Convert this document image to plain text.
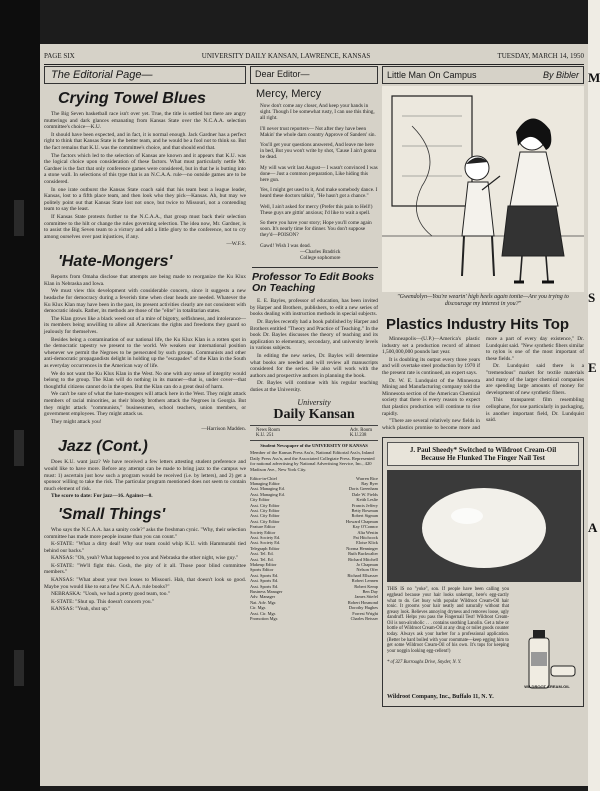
M
S
E
A
PAGE SIX	UNIVERSITY DAILY KANSAN, LAWRENCE, KANSAS	TUESDAY, MARCH 14, 1950
The Editorial Page—
Crying Towel Blues

The Big Seven basketball race isn't over yet. True, the title is settled but there are angry mutterings and dark glances emanating from Kansas State over the N.C.A.A. selection committee's choice—K.U.

It should have been expected, and in fact, it is normal enough. Jack Gardner has a perfect right to think that Kansas State is the better team, and he would be a fool not to think so. But the fact remains that K.U. was the committee's choice, and that should end that.

The factors which led to the selection of Kansas are known and it appears that K.U. was the logical choice upon consideration of these factors. What must particularly nettle Mr. Gardner is the fact that only conference games were considered, but in that he is butting into a stone wall. In selections of this type that is an N.C.A.A. rule—no outside games are to be considered.

In one irate outburst the Kansas State coach said that his team beat a league leader, Kansas, lost to a fifth place team, and then look who they pick—Kansas. Ah, but may we politely point out that Kansas State lost not once, but twice to Missouri, not a contending team to say the least.

If Kansas State protests further to the N.C.A.A., that group must back their selection committee to the hilt or change the rules governing selection. The idea now, Mr. Gardner, is to assist the Big Seven team to a victory and add a little glory to the conference, not to cry among ourselves over past injustices, if any.

—W.F.S.
'Hate-Mongers'

Reports from Omaha disclose that attempts are being made to reorganize the Ku Klux Klan in Nebraska and Iowa.

We must view this development with considerable concern, since it suggests a new headache for democracy during a feverish time when clear heads are needed. Whatever the Ku Klux Klan may have been in the past, its present activities clearly are not consistent with democratic ideals. Rather, its methods are those of the "elite" in totalitarian states.

The Klan grows like a black weed out of a mire of bigotry, selfishness, and intolerance—its members being unwilling to allow all Americans the rights and freedoms they guard so jealously for themselves.

Besides being a contamination of our national life, the Ku Klux Klan is a rotten spot in the democratic tapestry we present to the world. We weaken our international position whenever we permit the Negroes to be persecuted by such groups. Communists and other anti-democratic propagandists delight in holding up the "escapades" of the Klan in the South as everyday occurrences in the American way of life.

We do not want the Ku Klux Klan in the West. No one with any sense of integrity would belong to the group. The Klan will do nothing in its manner—that is, under cover—that thoughtful citizens cannot do in the open. But the Klan can do a great deal of harm.

We can't be sure of what the hate-mongers will attack here in the West. They might attack members of racial minorities, as their bloody brothers attack the Negroes in Georgia. But they might attack "communists," businessmen, school teachers, union members, or government employees. They might attack us.

They might attack you!

—Harrison Madden.
Jazz (Cont.)

Does K.U. want jazz? We have received a few letters attesting student preference and would like to have more. Before any attempt can be made to bring jazz to the campus we must: 1) ascertain just how such a program would be received (i.e. by letters), and 2) get a sponsor willing to take the risk. The particular program mentioned does not seem to contain much element of risk.

The score to date: For jazz—16. Against—0.

'Small Things'

Who says the N.C.A.A. has a sanity code?" asks the freshman cynic. "Why, their selection committee has made more people insane than you can count."

K-STATE: "What a dirty deal! Why our team could whip K.U. with Hammurabi tied behind our backs."

KANSAS: "Oh, yeah? What happened to you and Nebraska the other night, wise guy."

K-STATE: "We'll fight this. Gosh, the pity of it all. Those poor blind committee members."

KANSAS: "What about your two losses to Missouri. Hah, that doesn't look so good. Maybe you would like to eat a few N.C.A.A. rule books?"

NEBRASKA: "Uouh, we had a pretty good team, too."

K-STATE: "Shut up. This doesn't concern you."

KANSAS: "Yeah, shut up."

Dear Editor—
Mercy, Mercy
Now don't come any closer, And keep your hands in sight. Though I be somewhat rusty, I can use this thing, all right.
I'll never trust reporters— Not after they have been Makin' the whole darn country Approve of Sanders' sin.
You'll get your questions answered, And leave me here in bed, But you won't write by shot, 'Cause I ain't gonna be dead.
My will was writ last August— I wasn't convinced I was done— Just a common preparation, Like hiding this here gun.
Yes, I might get used to it, And make somebody dance. I heard these doctors talkin', "He hasn't got a chance."
Well, I ain't asked for mercy (Prefer this pain to Hell!) These guys are gittin' anxious; I'd like to wait a spell.
So there you have your story; Hope you'll come again soon. It's nearly time for dinner. You don't suppose they'd—POISON?
Gawd! Wish I was dead.
—Charles Bradrick
College sophomore
Professor To Edit Books On Teaching

E. E. Bayles, professor of education, has been invited by Harper and Brothers, publishers, to edit a new series of books dealing with instruction methods in special subjects.

Dr. Bayles recently had a book published by Harper and Brothers entitled "Theory and Practice of Teaching." In the book Dr. Bayles discusses the theory of teaching and its application to elementary, secondary, and university levels in various subjects.

In editing the new series, Dr. Bayles will determine what books are needed and will review all manuscripts considered for the series. He also will work with the authors and prospective authors in planning the book.

Dr. Bayles will continue with his regular teaching duties at the University.

University
Daily Kansan
News Room
K.U. 251
Adv. Room
K.U.238
Student Newspaper of the UNIVERSITY OF KANSAS
Member of the Kansas Press Ass'n, National Editorial Ass'n, Inland Daily Press Ass'n, and the Associated Collegiate Press. Represented for national advertising by National Advertising Service, Inc., 420 Madison Ave., New York City.
Editor-in-Chief	Warren Rice
Managing Editor	Ray Byer
Asst. Managing Ed.	Doris Greenham
Asst. Managing Ed.	Dale W. Fields
City Editor	Keith Leslie
Asst. City Editor	Francis Jeffery
Asst. City Editor	Betty Bowman
Asst. City Editor	Robert Sigman
Asst. City Editor	Howard Chapman
Feature Editor	Kay O'Connor
Society Editor	Alta Westin
Asst. Society Ed.	Pat Hitchcock
Asst. Society Ed.	Eloise Klick
Telegraph Editor	Norma Henninger
Asst. Tel. Ed.	Ruth Buckwalter
Asst. Tel. Ed.	Richard Mitchell
Makeup Editor	Jo Chapman
Sports Editor	Nelson Ofer
Asst. Sports Ed.	Richard Ellsasser
Asst. Sports Ed.	Robert Lennen
Asst. Sports Ed.	Robert Kemp
Business Manager	Ben Day
Adv. Manager	James Stiefel
Nat. Adv. Mgr.	Robert Hosmond
Cir. Mgr.	Dorothy Hughes
Asst. Cir. Mgr.	Forrest Wright
Promotion Mgr.	Charles Beisser
Little Man On Campus	By Bibler
"Gwendolyn—You're wearin' high heels again tonite—Are you trying to discourage my interest in you?"
Plastics Industry Hits Top

Minneapolis—(U.P.)—America's plastic industry set a production record of almost 1,500,000,000 pounds last year.

It is doubling its output every three years and will overtake steel production by 1970 if the present rate is continued, an expert says.

Dr. W. E. Lundquist of the Minnesota Mining and Manufacturing company told the Minnesota section of the American Chemical society that there is every reason to expect that plastics production will continue to rise rapidly.

"There are several relatively new fields in which plastics promise to become more and more a part of every day existence," Dr. Lundquist said. "New synthetic fibers similar to nylon is one of the most important of these fields."

Dr. Lundquist said there is a "tremendous" market for textile materials and many of the larger chemical companies are spending large amounts of money for development of new synthetic fibers.

This transparent film resembling cellophane, for use particularly in packaging, is another important field, Dr. Lundquist said.

J. Paul Sheedy* Switched to Wildroot Cream-Oil
Because He Flunked The Finger Nail Test
THIS IS no "yoke", son. If people have been calling you egghead because your hair looks unkempt, here's egg-zactly what to do. Get busy with popular Wildroot Cream-Oil hair tonic. It grooms your hair neatly and naturally without that greasy look. Relieves annoying dryness and removes loose, ugly dandruff. Helps you pass the Fingernail Test! Wildroot Cream-Oil is non-alcoholic . . . contains soothing Lanolin. Get a tube or bottle of Wildroot Cream-Oil at any drug or toilet goods counter today. Always ask your barber for a professional application. (Better be hard boiled with your roommate—keep egging him to get some Wildroot Cream-Oil of his own. It's tops for keeping your noggin looking egg-cellent!)
* of 327 Burroughs Drive, Snyder, N. Y.
WILDROOT CREAM-OIL
Wildroot Company, Inc., Buffalo 11, N. Y.
